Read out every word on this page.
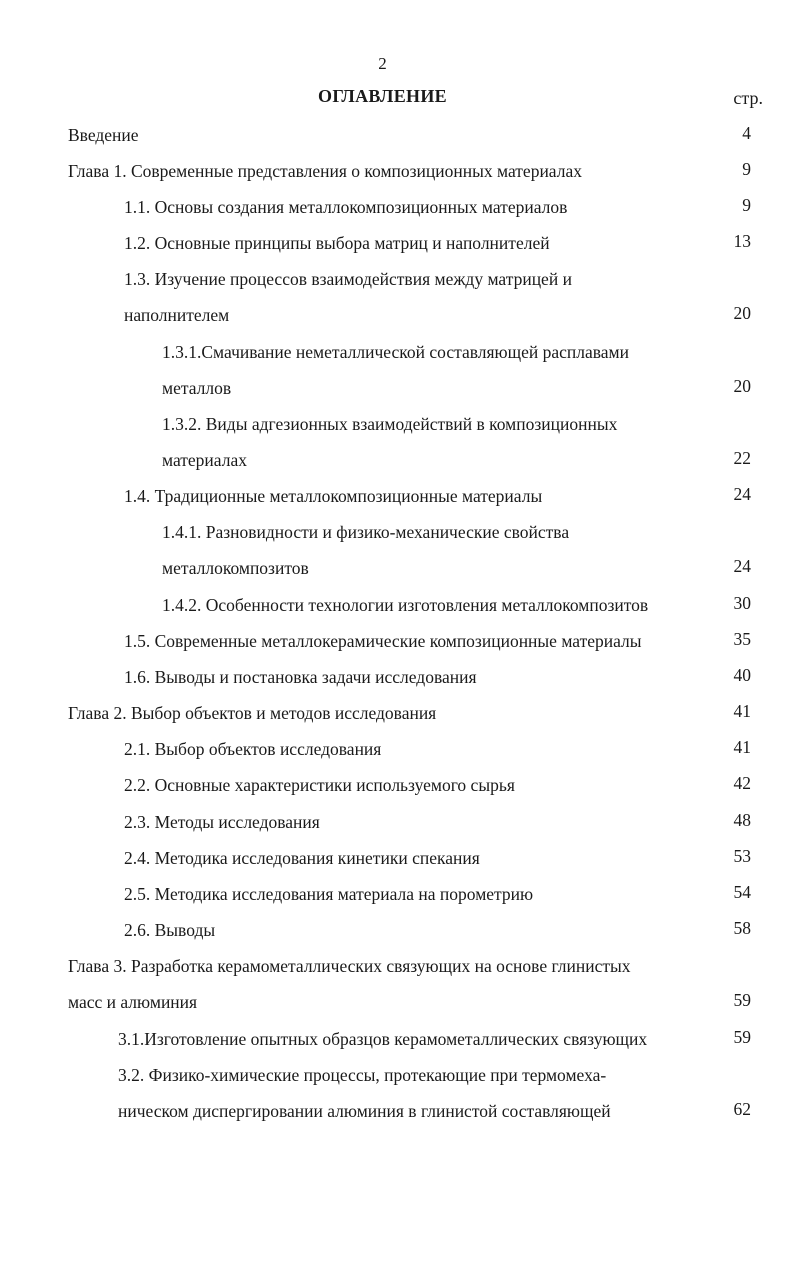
2
ОГЛАВЛЕНИЕ	стр.
Введение	4
Глава 1. Современные представления о композиционных материалах	9
1.1. Основы создания металлокомпозиционных материалов	9
1.2. Основные принципы выбора матриц и наполнителей	13
1.3. Изучение процессов взаимодействия между матрицей и
наполнителем	20
1.3.1.Смачивание неметаллической составляющей расплавами
металлов	20
1.3.2. Виды адгезионных взаимодействий в композиционных
материалах	22
1.4. Традиционные металлокомпозиционные материалы	24
1.4.1. Разновидности и физико-механические свойства
металлокомпозитов	24
1.4.2. Особенности технологии изготовления металлокомпозитов	30
1.5. Современные металлокерамические композиционные материалы	35
1.6. Выводы и постановка задачи исследования	40
Глава 2. Выбор объектов и методов исследования	41
2.1. Выбор объектов исследования	41
2.2. Основные характеристики используемого сырья	42
2.3. Методы исследования	48
2.4. Методика исследования кинетики спекания	53
2.5. Методика исследования материала на порометрию	54
2.6. Выводы	58
Глава 3. Разработка керамометаллических связующих на основе глинистых
масс и алюминия	59
3.1.Изготовление опытных образцов керамометаллических связующих	59
3.2. Физико-химические процессы, протекающие при термомеха-
ническом диспергировании алюминия в глинистой составляющей	62
